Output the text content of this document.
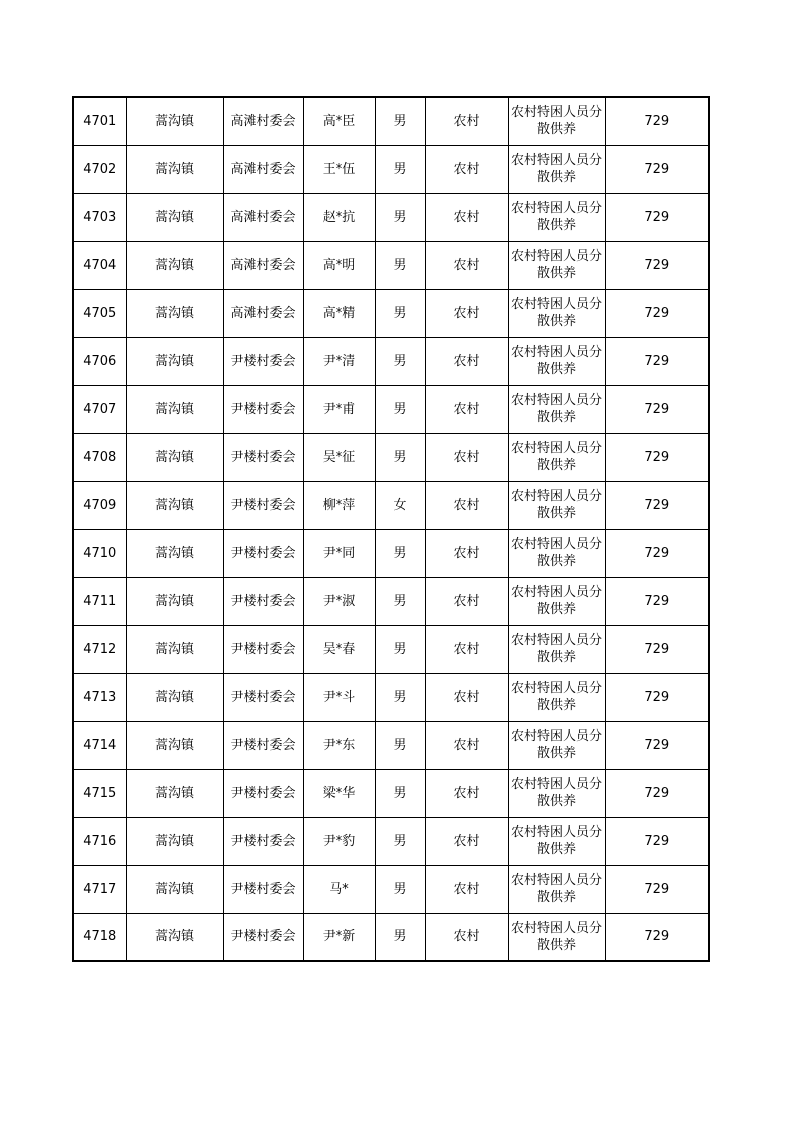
4701	蒿沟镇	高滩村委会	高*臣	男	农村	农村特困人员分散供养	729
4702	蒿沟镇	高滩村委会	王*伍	男	农村	农村特困人员分散供养	729
4703	蒿沟镇	高滩村委会	赵*抗	男	农村	农村特困人员分散供养	729
4704	蒿沟镇	高滩村委会	高*明	男	农村	农村特困人员分散供养	729
4705	蒿沟镇	高滩村委会	高*精	男	农村	农村特困人员分散供养	729
4706	蒿沟镇	尹楼村委会	尹*清	男	农村	农村特困人员分散供养	729
4707	蒿沟镇	尹楼村委会	尹*甫	男	农村	农村特困人员分散供养	729
4708	蒿沟镇	尹楼村委会	吴*征	男	农村	农村特困人员分散供养	729
4709	蒿沟镇	尹楼村委会	柳*萍	女	农村	农村特困人员分散供养	729
4710	蒿沟镇	尹楼村委会	尹*同	男	农村	农村特困人员分散供养	729
4711	蒿沟镇	尹楼村委会	尹*淑	男	农村	农村特困人员分散供养	729
4712	蒿沟镇	尹楼村委会	吴*春	男	农村	农村特困人员分散供养	729
4713	蒿沟镇	尹楼村委会	尹*斗	男	农村	农村特困人员分散供养	729
4714	蒿沟镇	尹楼村委会	尹*东	男	农村	农村特困人员分散供养	729
4715	蒿沟镇	尹楼村委会	梁*华	男	农村	农村特困人员分散供养	729
4716	蒿沟镇	尹楼村委会	尹*豹	男	农村	农村特困人员分散供养	729
4717	蒿沟镇	尹楼村委会	马*	男	农村	农村特困人员分散供养	729
4718	蒿沟镇	尹楼村委会	尹*新	男	农村	农村特困人员分散供养	729
